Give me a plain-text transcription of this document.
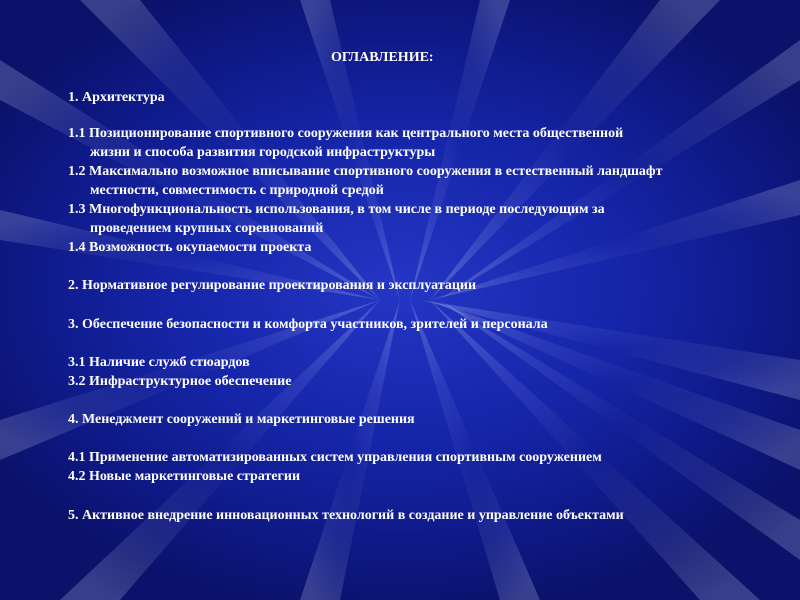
ОГЛАВЛЕНИЕ:
1. Архитектура
1.1 Позиционирование спортивного сооружения как центрального места общественной
жизни и способа развития городской инфраструктуры
1.2 Максимально возможное вписывание спортивного сооружения в естественный ландшафт
местности, совместимость с природной средой
1.3 Многофункциональность использования, в том числе в периоде последующим за
проведением крупных соревнований
1.4 Возможность окупаемости проекта
2. Нормативное регулирование проектирования и эксплуатации
3. Обеспечение безопасности и комфорта участников, зрителей и персонала
3.1 Наличие служб стюардов
3.2 Инфраструктурное обеспечение
4. Менеджмент сооружений и маркетинговые решения
4.1 Применение автоматизированных систем управления спортивным сооружением
4.2 Новые маркетинговые стратегии
5. Активное внедрение инновационных технологий в создание и управление объектами
